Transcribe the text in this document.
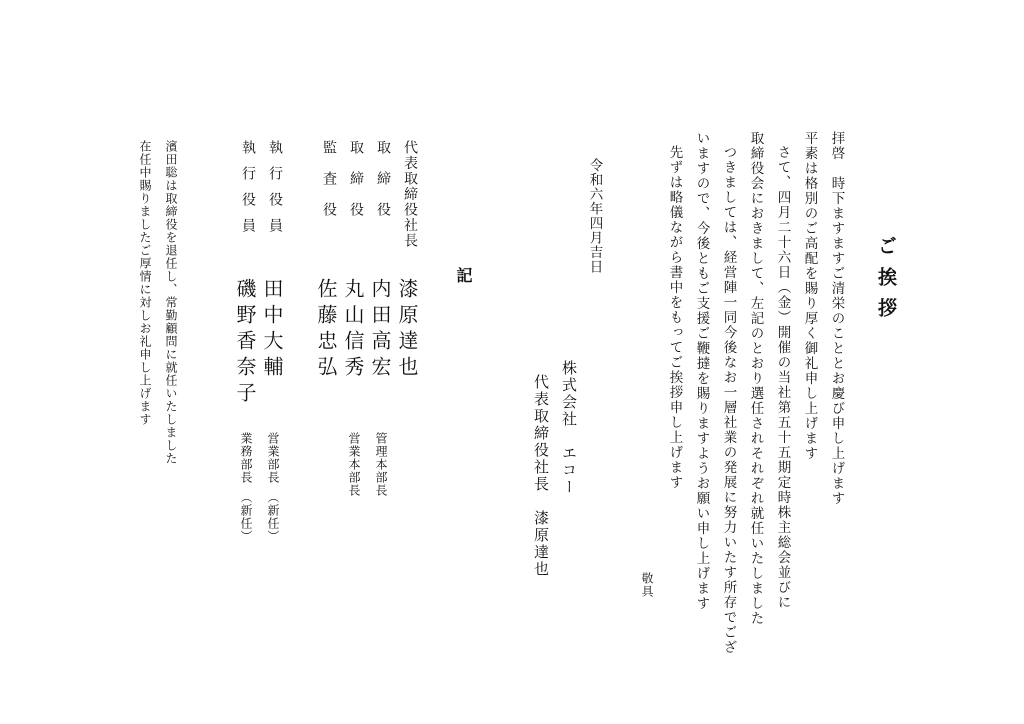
ご挨拶
拝啓　時下ますますご清栄のこととお慶び申し上げます
平素は格別のご高配を賜り厚く御礼申し上げます
さて、四月二十六日（金）開催の当社第五十五期定時株主総会並びに
取締役会におきまして、左記のとおり選任されそれぞれ就任いたしました
つきましては、経営陣一同今後なお一層社業の発展に努力いたす所存でござ
いますので、今後ともご支援ご鞭撻を賜りますようお願い申し上げます
先ずは略儀ながら書中をもってご挨拶申し上げます
敬具
令和六年四月吉日
株式会社　エコー
代表取締役社長　漆原達也
記
代表取締役社長
取　締　役
取　締　役
監　査　役
執行役員
執行役員
漆原達也
内田高宏
丸山信秀
佐藤忠弘
田中大輔
磯野香奈子
管理本部長
営業本部長
営業部長　（新任）
業務部長　（新任）
濱田聡は取締役を退任し、常勤顧問に就任いたしました
在任中賜りましたご厚情に対しお礼申し上げます
